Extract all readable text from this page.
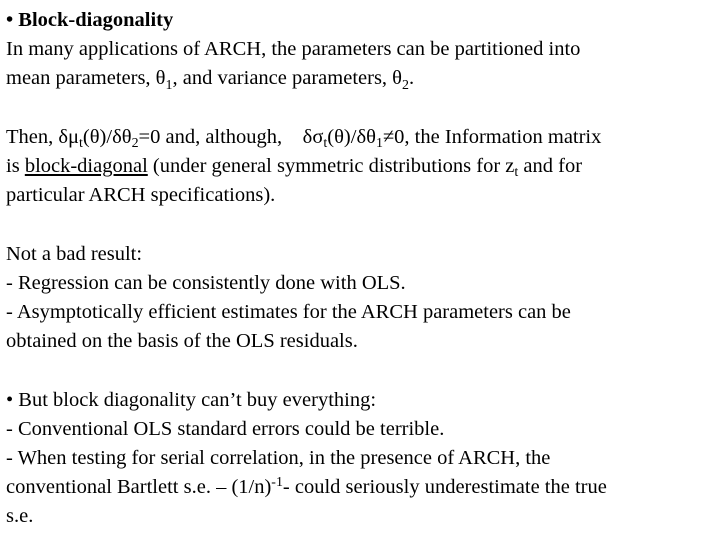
• Block-diagonality
In many applications of ARCH, the parameters can be partitioned into
mean parameters, $\theta_1$, and variance parameters, $\theta_2$.
Then, $\delta\mu_t(\theta)/\delta\theta_2=0$ and, although,    $\delta\sigma_t(\theta)/\delta\theta_1\ne 0$, the Information matrix
is block-diagonal (under general symmetric distributions for $z_t$ and for
particular ARCH specifications).
Not a bad result:
- Regression can be consistently done with OLS.
- Asymptotically efficient estimates for the ARCH parameters can be
obtained on the basis of the OLS residuals.
• But block diagonality can’t buy everything:
- Conventional OLS standard errors could be terrible.
- When testing for serial correlation, in the presence of ARCH, the
conventional Bartlett s.e. – $(1/n)^{-1}-$ could seriously underestimate the true
s.e.
